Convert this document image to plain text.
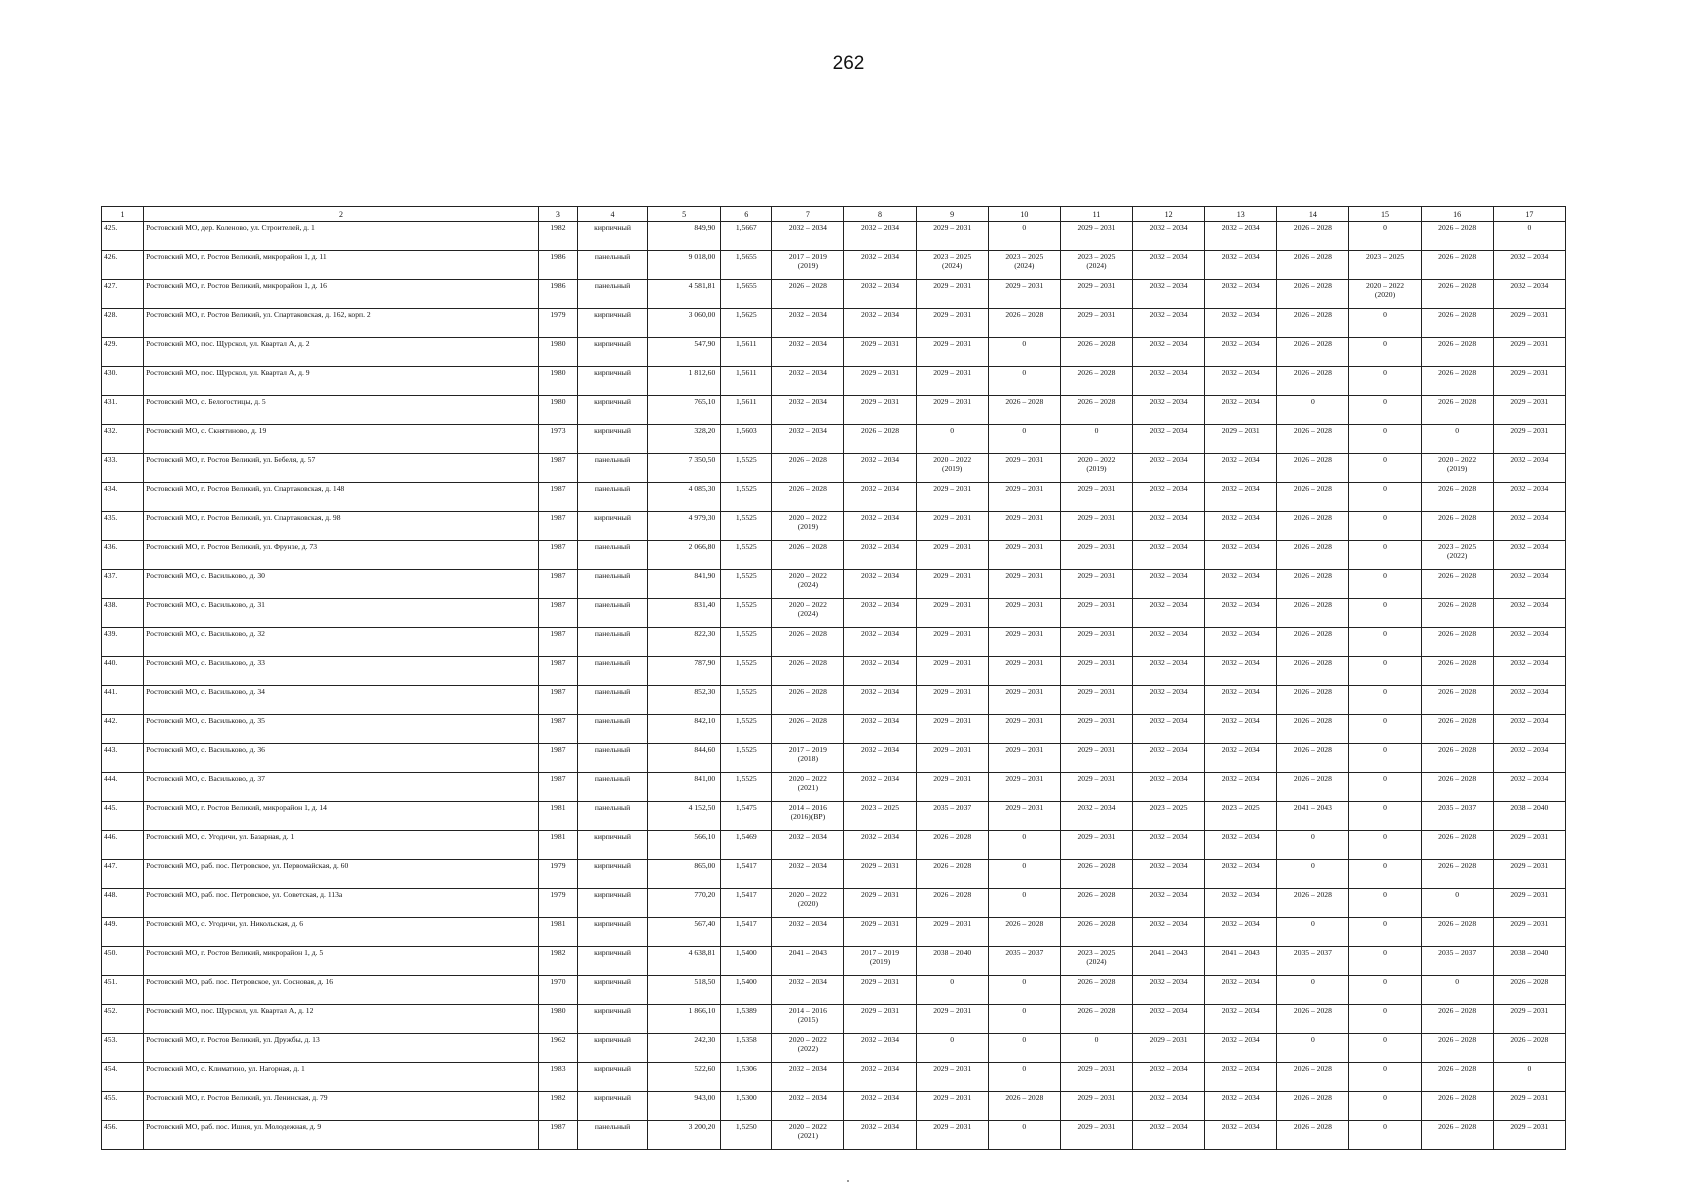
262
1	2	3	4	5	6	7	8	9	10	11	12	13	14	15	16	17
425.	Ростовский МО, дер. Коленово, ул. Строителей, д. 1	1982	кирпичный	849,90	1,5667	2032 – 2034	2032 – 2034	2029 – 2031	0	2029 – 2031	2032 – 2034	2032 – 2034	2026 – 2028	0	2026 – 2028	0
426.	Ростовский МО, г. Ростов Великий, микрорайон 1, д. 11	1986	панельный	9 018,00	1,5655	2017 – 2019
(2019)	2032 – 2034	2023 – 2025
(2024)	2023 – 2025
(2024)	2023 – 2025
(2024)	2032 – 2034	2032 – 2034	2026 – 2028	2023 – 2025	2026 – 2028	2032 – 2034
427.	Ростовский МО, г. Ростов Великий, микрорайон 1, д. 16	1986	панельный	4 581,81	1,5655	2026 – 2028	2032 – 2034	2029 – 2031	2029 – 2031	2029 – 2031	2032 – 2034	2032 – 2034	2026 – 2028	2020 – 2022
(2020)	2026 – 2028	2032 – 2034
428.	Ростовский МО, г. Ростов Великий, ул. Спартаковская, д. 162, корп. 2	1979	кирпичный	3 060,00	1,5625	2032 – 2034	2032 – 2034	2029 – 2031	2026 – 2028	2029 – 2031	2032 – 2034	2032 – 2034	2026 – 2028	0	2026 – 2028	2029 – 2031
429.	Ростовский МО, пос. Щурскол, ул. Квартал А, д. 2	1980	кирпичный	547,90	1,5611	2032 – 2034	2029 – 2031	2029 – 2031	0	2026 – 2028	2032 – 2034	2032 – 2034	2026 – 2028	0	2026 – 2028	2029 – 2031
430.	Ростовский МО, пос. Щурскол, ул. Квартал А, д. 9	1980	кирпичный	1 812,60	1,5611	2032 – 2034	2029 – 2031	2029 – 2031	0	2026 – 2028	2032 – 2034	2032 – 2034	2026 – 2028	0	2026 – 2028	2029 – 2031
431.	Ростовский МО, с. Белогостицы, д. 5	1980	кирпичный	765,10	1,5611	2032 – 2034	2029 – 2031	2029 – 2031	2026 – 2028	2026 – 2028	2032 – 2034	2032 – 2034	0	0	2026 – 2028	2029 – 2031
432.	Ростовский МО, с. Скнятиново, д. 19	1973	кирпичный	328,20	1,5603	2032 – 2034	2026 – 2028	0	0	0	2032 – 2034	2029 – 2031	2026 – 2028	0	0	2029 – 2031
433.	Ростовский МО, г. Ростов Великий, ул. Бебеля, д. 57	1987	панельный	7 350,50	1,5525	2026 – 2028	2032 – 2034	2020 – 2022
(2019)	2029 – 2031	2020 – 2022
(2019)	2032 – 2034	2032 – 2034	2026 – 2028	0	2020 – 2022
(2019)	2032 – 2034
434.	Ростовский МО, г. Ростов Великий, ул. Спартаковская, д. 148	1987	панельный	4 085,30	1,5525	2026 – 2028	2032 – 2034	2029 – 2031	2029 – 2031	2029 – 2031	2032 – 2034	2032 – 2034	2026 – 2028	0	2026 – 2028	2032 – 2034
435.	Ростовский МО, г. Ростов Великий, ул. Спартаковская, д. 98	1987	кирпичный	4 979,30	1,5525	2020 – 2022
(2019)	2032 – 2034	2029 – 2031	2029 – 2031	2029 – 2031	2032 – 2034	2032 – 2034	2026 – 2028	0	2026 – 2028	2032 – 2034
436.	Ростовский МО, г. Ростов Великий, ул. Фрунзе, д. 73	1987	панельный	2 066,80	1,5525	2026 – 2028	2032 – 2034	2029 – 2031	2029 – 2031	2029 – 2031	2032 – 2034	2032 – 2034	2026 – 2028	0	2023 – 2025
(2022)	2032 – 2034
437.	Ростовский МО, с. Васильково, д. 30	1987	панельный	841,90	1,5525	2020 – 2022
(2024)	2032 – 2034	2029 – 2031	2029 – 2031	2029 – 2031	2032 – 2034	2032 – 2034	2026 – 2028	0	2026 – 2028	2032 – 2034
438.	Ростовский МО, с. Васильково, д. 31	1987	панельный	831,40	1,5525	2020 – 2022
(2024)	2032 – 2034	2029 – 2031	2029 – 2031	2029 – 2031	2032 – 2034	2032 – 2034	2026 – 2028	0	2026 – 2028	2032 – 2034
439.	Ростовский МО, с. Васильково, д. 32	1987	панельный	822,30	1,5525	2026 – 2028	2032 – 2034	2029 – 2031	2029 – 2031	2029 – 2031	2032 – 2034	2032 – 2034	2026 – 2028	0	2026 – 2028	2032 – 2034
440.	Ростовский МО, с. Васильково, д. 33	1987	панельный	787,90	1,5525	2026 – 2028	2032 – 2034	2029 – 2031	2029 – 2031	2029 – 2031	2032 – 2034	2032 – 2034	2026 – 2028	0	2026 – 2028	2032 – 2034
441.	Ростовский МО, с. Васильково, д. 34	1987	панельный	852,30	1,5525	2026 – 2028	2032 – 2034	2029 – 2031	2029 – 2031	2029 – 2031	2032 – 2034	2032 – 2034	2026 – 2028	0	2026 – 2028	2032 – 2034
442.	Ростовский МО, с. Васильково, д. 35	1987	панельный	842,10	1,5525	2026 – 2028	2032 – 2034	2029 – 2031	2029 – 2031	2029 – 2031	2032 – 2034	2032 – 2034	2026 – 2028	0	2026 – 2028	2032 – 2034
443.	Ростовский МО, с. Васильково, д. 36	1987	панельный	844,60	1,5525	2017 – 2019
(2018)	2032 – 2034	2029 – 2031	2029 – 2031	2029 – 2031	2032 – 2034	2032 – 2034	2026 – 2028	0	2026 – 2028	2032 – 2034
444.	Ростовский МО, с. Васильково, д. 37	1987	панельный	841,00	1,5525	2020 – 2022
(2021)	2032 – 2034	2029 – 2031	2029 – 2031	2029 – 2031	2032 – 2034	2032 – 2034	2026 – 2028	0	2026 – 2028	2032 – 2034
445.	Ростовский МО, г. Ростов Великий, микрорайон 1, д. 14	1981	панельный	4 152,50	1,5475	2014 – 2016
(2016)(ВР)	2023 – 2025	2035 – 2037	2029 – 2031	2032 – 2034	2023 – 2025	2023 – 2025	2041 – 2043	0	2035 – 2037	2038 – 2040
446.	Ростовский МО, с. Угодичи, ул. Базарная, д. 1	1981	кирпичный	566,10	1,5469	2032 – 2034	2032 – 2034	2026 – 2028	0	2029 – 2031	2032 – 2034	2032 – 2034	0	0	2026 – 2028	2029 – 2031
447.	Ростовский МО, раб. пос. Петровское, ул. Первомайская, д. 60	1979	кирпичный	865,00	1,5417	2032 – 2034	2029 – 2031	2026 – 2028	0	2026 – 2028	2032 – 2034	2032 – 2034	0	0	2026 – 2028	2029 – 2031
448.	Ростовский МО, раб. пос. Петровское, ул. Советская, д. 113а	1979	кирпичный	770,20	1,5417	2020 – 2022
(2020)	2029 – 2031	2026 – 2028	0	2026 – 2028	2032 – 2034	2032 – 2034	2026 – 2028	0	0	2029 – 2031
449.	Ростовский МО, с. Угодичи, ул. Никольская, д. 6	1981	кирпичный	567,40	1,5417	2032 – 2034	2029 – 2031	2029 – 2031	2026 – 2028	2026 – 2028	2032 – 2034	2032 – 2034	0	0	2026 – 2028	2029 – 2031
450.	Ростовский МО, г. Ростов Великий, микрорайон 1, д. 5	1982	кирпичный	4 638,81	1,5400	2041 – 2043	2017 – 2019
(2019)	2038 – 2040	2035 – 2037	2023 – 2025
(2024)	2041 – 2043	2041 – 2043	2035 – 2037	0	2035 – 2037	2038 – 2040
451.	Ростовский МО, раб. пос. Петровское, ул. Сосновая, д. 16	1970	кирпичный	518,50	1,5400	2032 – 2034	2029 – 2031	0	0	2026 – 2028	2032 – 2034	2032 – 2034	0	0	0	2026 – 2028
452.	Ростовский МО, пос. Щурскол, ул. Квартал А, д. 12	1980	кирпичный	1 866,10	1,5389	2014 – 2016
(2015)	2029 – 2031	2029 – 2031	0	2026 – 2028	2032 – 2034	2032 – 2034	2026 – 2028	0	2026 – 2028	2029 – 2031
453.	Ростовский МО, г. Ростов Великий, ул. Дружбы, д. 13	1962	кирпичный	242,30	1,5358	2020 – 2022
(2022)	2032 – 2034	0	0	0	2029 – 2031	2032 – 2034	0	0	2026 – 2028	2026 – 2028
454.	Ростовский МО, с. Климатино, ул. Нагорная, д. 1	1983	кирпичный	522,60	1,5306	2032 – 2034	2032 – 2034	2029 – 2031	0	2029 – 2031	2032 – 2034	2032 – 2034	2026 – 2028	0	2026 – 2028	0
455.	Ростовский МО, г. Ростов Великий, ул. Ленинская, д. 79	1982	кирпичный	943,00	1,5300	2032 – 2034	2032 – 2034	2029 – 2031	2026 – 2028	2029 – 2031	2032 – 2034	2032 – 2034	2026 – 2028	0	2026 – 2028	2029 – 2031
456.	Ростовский МО, раб. пос. Ишня, ул. Молодежная, д. 9	1987	панельный	3 200,20	1,5250	2020 – 2022
(2021)	2032 – 2034	2029 – 2031	0	2029 – 2031	2032 – 2034	2032 – 2034	2026 – 2028	0	2026 – 2028	2029 – 2031
